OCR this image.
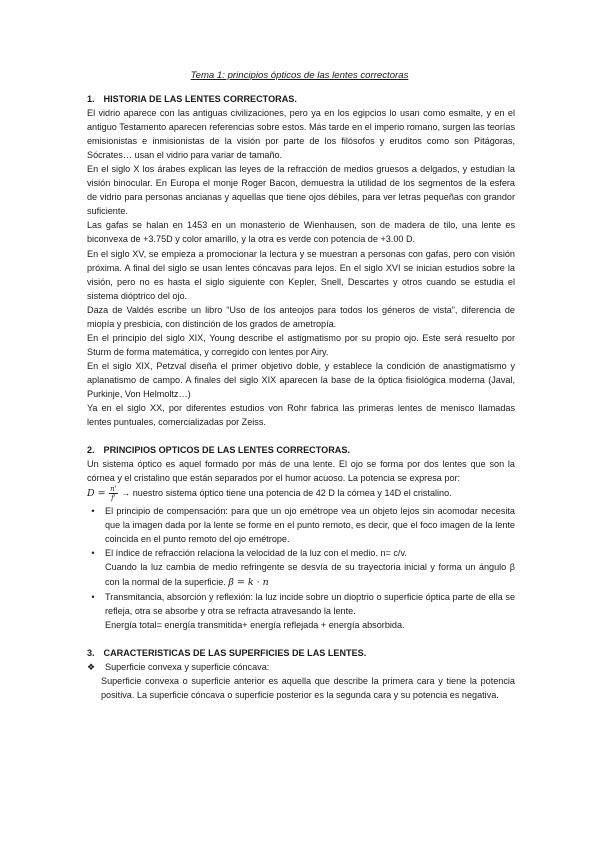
Tema 1: principios ópticos de las lentes correctoras
1. HISTORIA DE LAS LENTES CORRECTORAS.

El vidrio aparece con las antiguas civilizaciones, pero ya en los egipcios lo usan como esmalte, y en el antiguo Testamento aparecen referencias sobre estos. Más tarde en el imperio romano, surgen las teorías emisionistas e inmisionistas de la visión por parte de los filósofos y eruditos como son Pitágoras, Sócrates… usan el vidrio para variar de tamaño.

En el siglo X los árabes explican las leyes de la refracción de medios gruesos a delgados, y estudian la visión binocular. En Europa el monje Roger Bacon, demuestra la utilidad de los segmentos de la esfera de vidrio para personas ancianas y aquellas que tiene ojos débiles, para ver letras pequeñas con grandor suficiente.

Las gafas se halan en 1453 en un monasterio de Wienhausen, son de madera de tilo, una lente es biconvexa de +3.75D y color amarillo, y la otra es verde con potencia de +3.00 D.

En el siglo XV, se empieza a promocionar la lectura y se muestran a personas con gafas, pero con visión próxima. A final del siglo se usan lentes cóncavas para lejos. En el siglo XVI se inician estudios sobre la visión, pero no es hasta el siglo siguiente con Kepler, Snell, Descartes y otros cuando se estudia el sistema dióptrico del ojo.

Daza de Valdés escribe un libro “Uso de los anteojos para todos los géneros de vista”, diferencia de miopía y presbicia, con distinción de los grados de ametropía.

En el principio del siglo XIX, Young describe el astigmatismo por su propio ojo. Este será resuelto por Sturm de forma matemática, y corregido con lentes por Airy.

En el siglo XIX, Petzval diseña el primer objetivo doble, y establece la condición de anastigmatismo y aplanatismo de campo. A finales del siglo XIX aparecen la base de la óptica fisiológica moderna (Javal, Purkinje, Von Helmoltz…)

Ya en el siglo XX, por diferentes estudios von Rohr fabrica las primeras lentes de menisco llamadas lentes puntuales, comercializadas por Zeiss.

2. PRINCIPIOS OPTICOS DE LAS LENTES CORRECTORAS.

Un sistema óptico es aquel formado por más de una lente. El ojo se forma por dos lentes que son la córnea y el cristalino que están separados por el humor acuoso. La potencia se expresa por:

$D = \frac{n'}{f'}$ → nuestro sistema óptico tiene una potencia de 42 D la córnea y 14D el cristalino.

• El principio de compensación: para que un ojo emétrope vea un objeto lejos sin acomodar necesita que la imagen dada por la lente se forme en el punto remoto, es decir, que el foco imagen de la lente coincida en el punto remoto del ojo emétrope.

• El índice de refracción relaciona la velocidad de la luz con el medio. n= c/v.

Cuando la luz cambia de medio refringente se desvía de su trayectoria inicial y forma un ángulo β con la normal de la superficie. β = k · n

• Transmitancia, absorción y reflexión: la luz incide sobre un dioptrio o superficie óptica parte de ella se refleja, otra se absorbe y otra se refracta atravesando la lente.

Energía total= energía transmitida+ energía reflejada + energía absorbida.

3. CARACTERISTICAS DE LAS SUPERFICIES DE LAS LENTES.
❖ Superficie convexa y superficie cóncava:

Superficie convexa o superficie anterior es aquella que describe la primera cara y tiene la potencia positiva. La superficie cóncava o superficie posterior es la segunda cara y su potencia es negativa.
